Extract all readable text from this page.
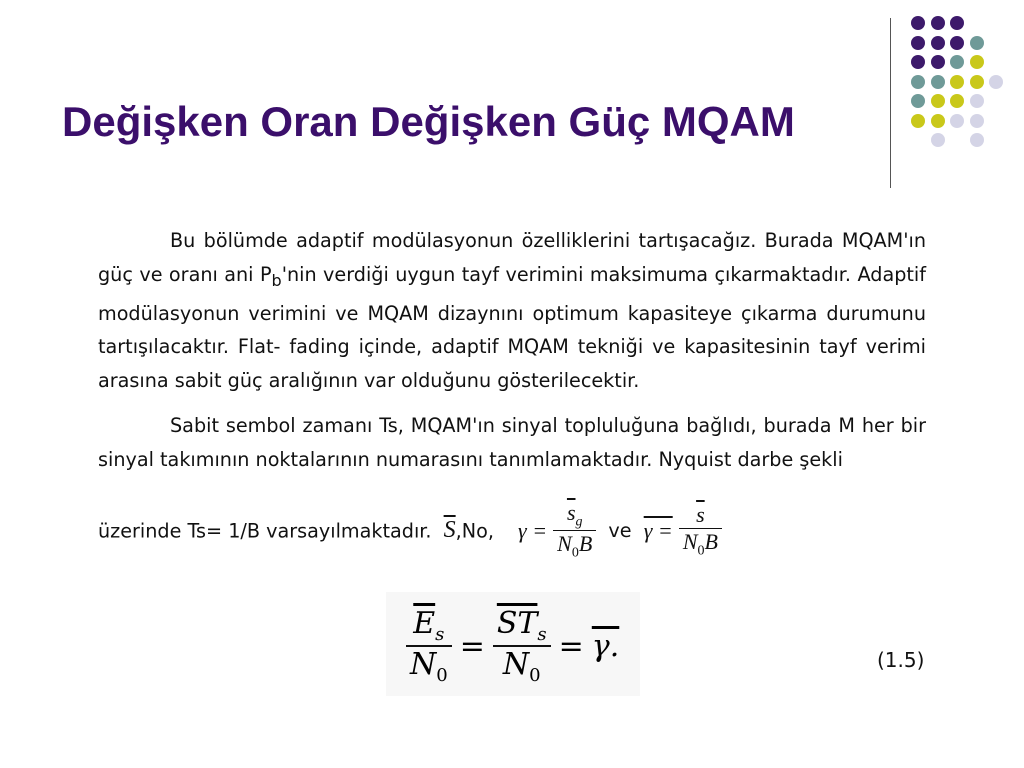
Değişken Oran Değişken Güç MQAM

Bu bölümde adaptif modülasyonun özelliklerini tartışacağız. Burada MQAM'ın güç ve oranı ani $P_b'nin$ verdiği uygun tayf verimini maksimuma çıkarmaktadır. Adaptif modülasyonun verimini ve MQAM dizaynını optimum kapasiteye çıkarma durumunu tartışılacaktır. Flat- fading içinde, adaptif MQAM tekniği ve kapasitesinin tayf verimi arasına sabit güç aralığının var olduğunu gösterilecektir.

Sabit sembol zamanı Ts, MQAM'ın sinyal topluluğuna bağlıdı, burada M her bir sinyal takımının noktalarının numarasını tanımlamaktadır. Nyquist darbe şekli

üzerinde Ts= 1/B varsayılmaktadır. $\overline{S},No$, $\gamma = \frac{\overline{s}_g}{N_0B}$ ve $\gamma = \frac{\overline{s}}{N_0B}$
$\frac{\overline{E}_s}{N_0} = \frac{\overline{ST}_s}{N_0} = \gamma$.	(1.5)
